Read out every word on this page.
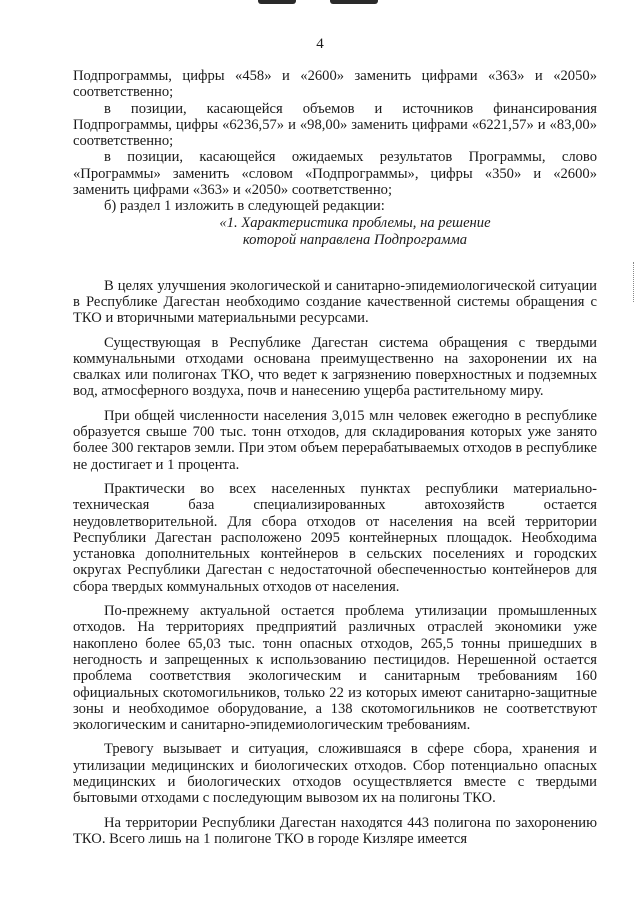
4

Подпрограммы, цифры «458» и «2600» заменить цифрами «363» и «2050» соответственно;

в позиции, касающейся объемов и источников финансирования Подпрограммы, цифры «6236,57» и «98,00» заменить цифрами «6221,57» и «83,00» соответственно;

в позиции, касающейся ожидаемых результатов Программы, слово «Программы» заменить «словом «Подпрограммы», цифры «350» и «2600» заменить цифрами «363» и «2050» соответственно;

б) раздел 1 изложить в следующей редакции:

«1. Характеристика проблемы, на решение

которой направлена Подпрограмма

В целях улучшения экологической и санитарно-эпидемиологической ситуации в Республике Дагестан необходимо создание качественной системы обращения с ТКО и вторичными материальными ресурсами.

Существующая в Республике Дагестан система обращения с твердыми коммунальными отходами основана преимущественно на захоронении их на свалках или полигонах ТКО, что ведет к загрязнению поверхностных и подземных вод, атмосферного воздуха, почв и нанесению ущерба растительному миру.

При общей численности населения 3,015 млн человек ежегодно в республике образуется свыше 700 тыс. тонн отходов, для складирования которых уже занято более 300 гектаров земли. При этом объем перерабатываемых отходов в республике не достигает и 1 процента.

Практически во всех населенных пунктах республики материально-техническая база специализированных автохозяйств остается неудовлетворительной. Для сбора отходов от населения на всей территории Республики Дагестан расположено 2095 контейнерных площадок. Необходима установка дополнительных контейнеров в сельских поселениях и городских округах Республики Дагестан с недостаточной обеспеченностью контейнеров для сбора твердых коммунальных отходов от населения.

По-прежнему актуальной остается проблема утилизации промышленных отходов. На территориях предприятий различных отраслей экономики уже накоплено более 65,03 тыс. тонн опасных отходов, 265,5 тонны пришедших в негодность и запрещенных к использованию пестицидов. Нерешенной остается проблема соответствия экологическим и санитарным требованиям 160 официальных скотомогильников, только 22 из которых имеют санитарно-защитные зоны и необходимое оборудование, а 138 скотомогильников не соответствуют экологическим и санитарно-эпидемиологическим требованиям.

Тревогу вызывает и ситуация, сложившаяся в сфере сбора, хранения и утилизации медицинских и биологических отходов. Сбор потенциально опасных медицинских и биологических отходов осуществляется вместе с твердыми бытовыми отходами с последующим вывозом их на полигоны ТКО.

На территории Республики Дагестан находятся 443 полигона по захоронению ТКО. Всего лишь на 1 полигоне ТКО в городе Кизляре имеется
